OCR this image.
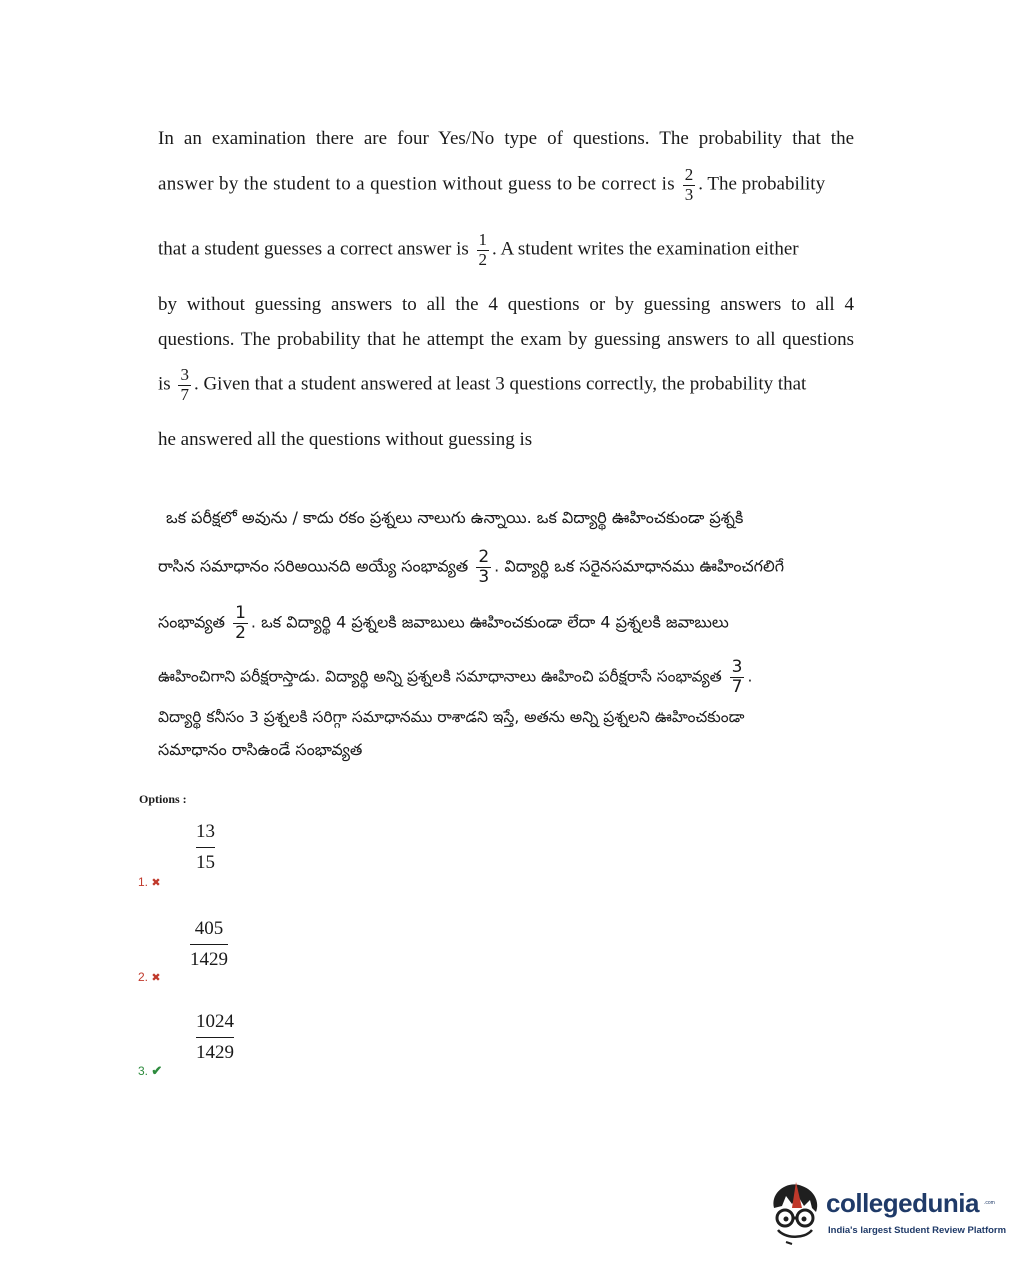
In an examination there are four Yes/No type of questions. The probability that the
answer by the student to a question without guess to be correct is $\frac{2}{3}$ . The probability
that a student guesses a correct answer is $\frac{1}{2}$ . A student writes the examination either
by without guessing answers to all the 4 questions or by guessing answers to all 4
questions. The probability that he attempt the exam by guessing answers to all questions
is $\frac{3}{7}$ . Given that a student answered at least 3 questions correctly, the probability that
he answered all the questions without guessing is
ఒక పరీక్షలో అవును / కాదు రకం ప్రశ్నలు నాలుగు ఉన్నాయి. ఒక విద్యార్థి ఊహించకుండా ప్రశ్నకి
రాసిన సమాధానం సరిఅయినది అయ్యే సంభావ్యత $\frac{2}{3}$ . విద్యార్థి ఒక సరైనసమాధానము ఊహించగలిగే
సంభావ్యత $\frac{1}{2}$ . ఒక విద్యార్థి 4 ప్రశ్నలకి జవాబులు ఊహించకుండా లేదా 4 ప్రశ్నలకి జవాబులు
ఊహించిగాని పరీక్షరాస్తాడు. విద్యార్థి అన్ని ప్రశ్నలకి సమాధానాలు ఊహించి పరీక్షరాసే సంభావ్యత $\frac{3}{7}$ .
విద్యార్థి కనీసం 3 ప్రశ్నలకి సరిగ్గా సమాధానము రాశాడని ఇస్తే, అతను అన్ని ప్రశ్నలని ఊహించకుండా
సమాధానం రాసిఉండే సంభావ్యత
Options :
13
15
1. ✖
405
1429
2. ✖
1024
1429
3. ✔
collegedunia .com
India's largest Student Review Platform
